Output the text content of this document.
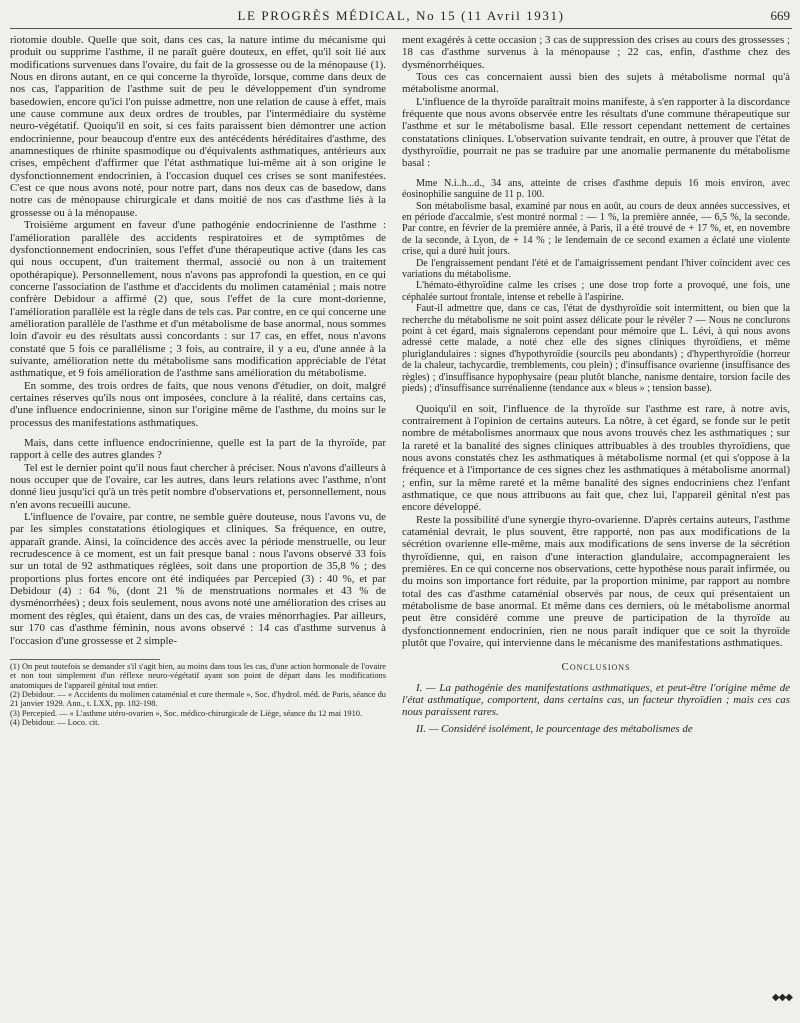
LE PROGRÈS MÉDICAL, No 15 (11 Avril 1931)	669

riotomie double. Quelle que soit, dans ces cas, la nature intime du mécanisme qui produit ou supprime l'asthme, il ne paraît guère douteux, en effet, qu'il soit lié aux modifications survenues dans l'ovaire, du fait de la grossesse ou de la ménopause (1). Nous en dirons autant, en ce qui concerne la thyroïde, lorsque, comme dans deux de nos cas, l'apparition de l'asthme suit de peu le développement d'un syndrome basedowien, encore qu'ici l'on puisse admettre, non une relation de cause à effet, mais une cause commune aux deux ordres de troubles, par l'intermédiaire du système neuro-végétatif. Quoiqu'il en soit, si ces faits paraissent bien démontrer une action endocrinienne, pour beaucoup d'entre eux des antécédents héréditaires d'asthme, des anamnestiques de rhinite spasmodique ou d'équivalents asthmatiques, antérieurs aux crises, empêchent d'affirmer que l'état asthmatique lui-même ait à son origine le dysfonctionnement endocrinien, à l'occasion duquel ces crises se sont manifestées. C'est ce que nous avons noté, pour notre part, dans nos deux cas de basedow, dans notre cas de ménopause chirurgicale et dans moitié de nos cas d'asthme liés à la grossesse ou à la ménopause.

Troisième argument en faveur d'une pathogénie endocrinienne de l'asthme : l'amélioration parallèle des accidents respiratoires et de symptômes de dysfonctionnement endocrinien, sous l'effet d'une thérapeutique active (dans les cas qui nous occupent, d'un traitement thermal, associé ou non à un traitement opothérapique). Personnellement, nous n'avons pas approfondi la question, en ce qui concerne l'association de l'asthme et d'accidents du molimen cataménial ; mais notre confrère Debidour a affirmé (2) que, sous l'effet de la cure mont-dorienne, l'amélioration parallèle est la règle dans de tels cas. Par contre, en ce qui concerne une amélioration parallèle de l'asthme et d'un métabolisme de base anormal, nous sommes loin d'avoir eu des résultats aussi concordants : sur 17 cas, en effet, nous n'avons constaté que 5 fois ce parallélisme ; 3 fois, au contraire, il y a eu, d'une année à la suivante, amélioration nette du métabolisme sans modification appréciable de l'état asthmatique, et 9 fois amélioration de l'asthme sans amélioration du métabolisme.

En somme, des trois ordres de faits, que nous venons d'étudier, on doit, malgré certaines réserves qu'ils nous ont imposées, conclure à la réalité, dans certains cas, d'une influence endocrinienne, sinon sur l'origine même de l'asthme, du moins sur le processus des manifestations asthmatiques.

Mais, dans cette influence endocrinienne, quelle est la part de la thyroïde, par rapport à celle des autres glandes ?

Tel est le dernier point qu'il nous faut chercher à préciser. Nous n'avons d'ailleurs à nous occuper que de l'ovaire, car les autres, dans leurs relations avec l'asthme, n'ont donné lieu jusqu'ici qu'à un très petit nombre d'observations et, personnellement, nous n'en avons recueilli aucune.

L'influence de l'ovaire, par contre, ne semble guère douteuse, nous l'avons vu, de par les simples constatations étiologiques et cliniques. Sa fréquence, en outre, apparaît grande. Ainsi, la coïncidence des accès avec la période menstruelle, ou leur recrudescence à ce moment, est un fait presque banal : nous l'avons observé 33 fois sur un total de 92 asthmatiques réglées, soit dans une proportion de 35,8 % ; des proportions plus fortes encore ont été indiquées par Percepied (3) : 40 %, et par Debidour (4) : 64 %, (dont 21 % de menstruations normales et 43 % de dysménorrhées) ; deux fois seulement, nous avons noté une amélioration des crises au moment des règles, qui étaient, dans un des cas, de vraies ménorrhagies. Par ailleurs, sur 170 cas d'asthme féminin, nous avons observé : 14 cas d'asthme survenus à l'occasion d'une grossesse et 2 simple-

(1) On peut toutefois se demander s'il s'agit bien, au moins dans tous les cas, d'une action hormonale de l'ovaire et non tout simplement d'un réflexe neuro-végétatif ayant son point de départ dans les modifications anatomiques de l'appareil génital tout entier.

(2) Debidour. — « Accidents du molimen cataménial et cure thermale », Soc. d'hydrol. méd. de Paris, séance du 21 janvier 1929. Ann., t. LXX, pp. 182-198.

(3) Percepied. — « L'asthme utéro-ovarien », Soc. médico-chirurgicale de Liège, séance du 12 mai 1910.

(4) Debidour. — Loco. cit.

ment exagérés à cette occasion ; 3 cas de suppression des crises au cours des grossesses ; 18 cas d'asthme survenus à la ménopause ; 22 cas, enfin, d'asthme chez des dysménorrhéiques.

Tous ces cas concernaient aussi bien des sujets à métabolisme normal qu'à métabolisme anormal.

L'influence de la thyroïde paraîtrait moins manifeste, à s'en rapporter à la discordance fréquente que nous avons observée entre les résultats d'une commune thérapeutique sur l'asthme et sur le métabolisme basal. Elle ressort cependant nettement de certaines constatations cliniques. L'observation suivante tendrait, en outre, à prouver que l'état de dysthyroïdie, pourrait ne pas se traduire par une anomalie permanente du métabolisme basal :

Mme N.i..h...d., 34 ans, atteinte de crises d'asthme depuis 16 mois environ, avec éosinophilie sanguine de 11 p. 100.

Son métabolisme basal, examiné par nous en août, au cours de deux années successives, et en période d'accalmie, s'est montré normal : — 1 %, la première année, — 6,5 %, la seconde. Par contre, en février de la première année, à Paris, il a été trouvé de + 17 %, et, en novembre de la seconde, à Lyon, de + 14 % ; le lendemain de ce second examen a éclaté une violente crise, qui a duré huit jours.

De l'engraissement pendant l'été et de l'amaigrissement pendant l'hiver coïncident avec ces variations du métabolisme.

L'hémato-éthyroïdine calme les crises ; une dose trop forte a provoqué, une fois, une céphalée surtout frontale, intense et rebelle à l'aspirine.

Faut-il admettre que, dans ce cas, l'état de dysthyroïdie soit intermittent, ou bien que la recherche du métabolisme ne soit point assez délicate pour le révéler ? — Nous ne conclurons point à cet égard, mais signalerons cependant pour mémoire que L. Lévi, à qui nous avons adressé cette malade, a noté chez elle des signes cliniques thyroïdiens, et même pluriglandulaires : signes d'hypothyroïdie (sourcils peu abondants) ; d'hyperthyroïdie (horreur de la chaleur, tachycardie, tremblements, cou plein) ; d'insuffisance ovarienne (insuffisance des règles) ; d'insuffisance hypophysaire (peau plutôt blanche, nanisme dentaire, torsion facile des pieds) ; d'insuffisance surrénalienne (tendance aux « bleus » ; tension basse).

Quoiqu'il en soit, l'influence de la thyroïde sur l'asthme est rare, à notre avis, contrairement à l'opinion de certains auteurs. La nôtre, à cet égard, se fonde sur le petit nombre de métabolismes anormaux que nous avons trouvés chez les asthmatiques ; sur la rareté et la banalité des signes cliniques attribuables à des troubles thyroïdiens, que nous avons constatés chez les asthmatiques à métabolisme normal (et qui s'oppose à la fréquence et à l'importance de ces signes chez les asthmatiques à métabolisme anormal) ; enfin, sur la même rareté et la même banalité des signes endocriniens chez l'enfant asthmatique, ce que nous attribuons au fait que, chez lui, l'appareil génital n'est pas encore développé.

Reste la possibilité d'une synergie thyro-ovarienne. D'après certains auteurs, l'asthme cataménial devrait, le plus souvent, être rapporté, non pas aux modifications de la sécrétion ovarienne elle-même, mais aux modifications de sens inverse de la sécrétion thyroïdienne, qui, en raison d'une interaction glandulaire, accompagneraient les premières. En ce qui concerne nos observations, cette hypothèse nous paraît infirmée, ou du moins son importance fort réduite, par la proportion minime, par rapport au nombre total des cas d'asthme cataménial observés par nous, de ceux qui présentaient un métabolisme de base anormal. Et même dans ces derniers, où le métabolisme anormal peut être considéré comme une preuve de participation de la thyroïde au dysfonctionnement endocrinien, rien ne nous paraît indiquer que ce soit la thyroïde plutôt que l'ovaire, qui intervienne dans le mécanisme des manifestations asthmatiques.

Conclusions

I. — La pathogénie des manifestations asthmatiques, et peut-être l'origine même de l'état asthmatique, comportent, dans certains cas, un facteur thyroïdien ; mais ces cas nous paraissent rares.

II. — Considéré isolément, le pourcentage des métabolismes de

◆◆◆
